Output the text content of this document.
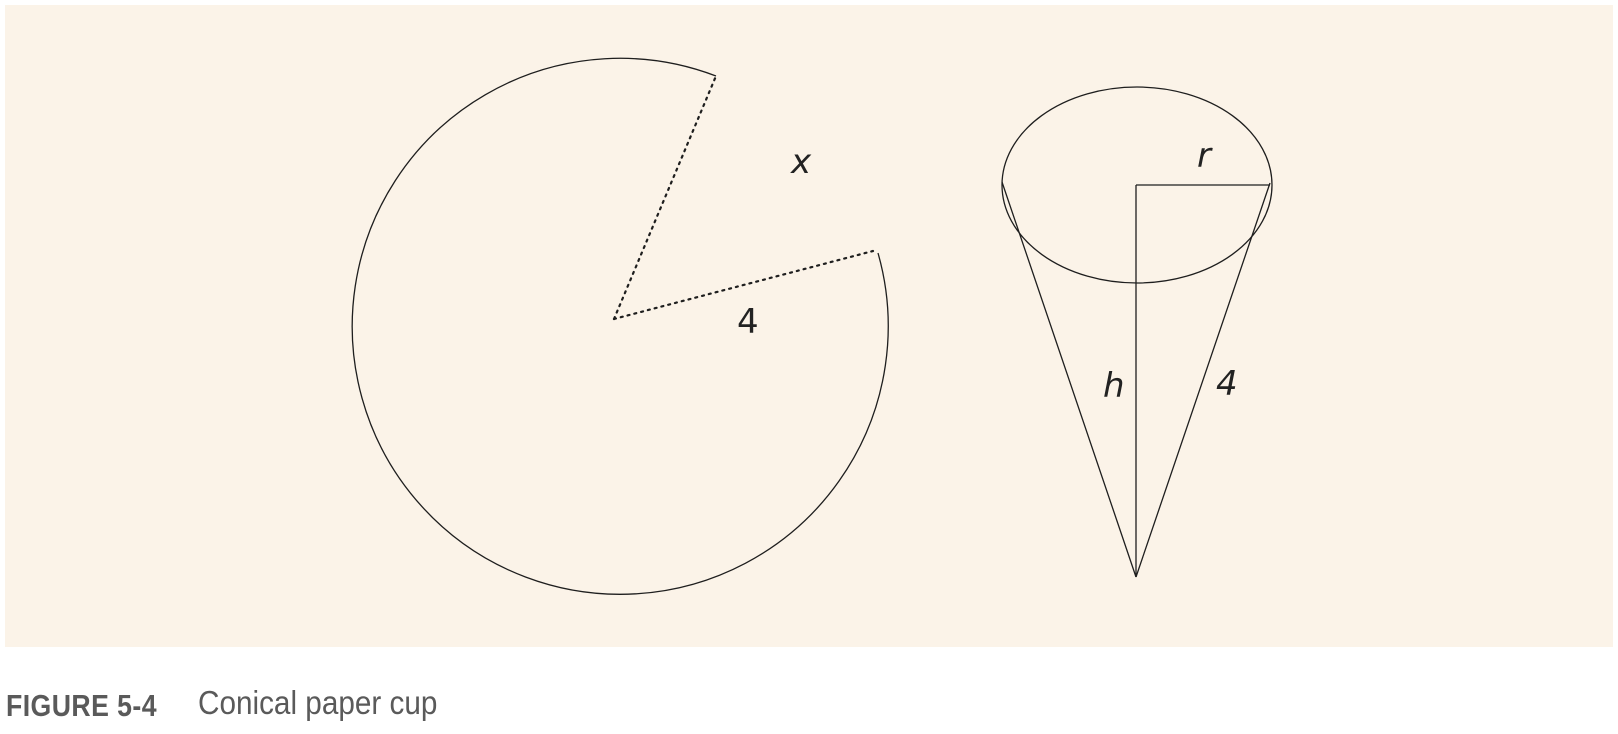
x
4
r
h	4
FIGURE 5-4 Conical paper cup
